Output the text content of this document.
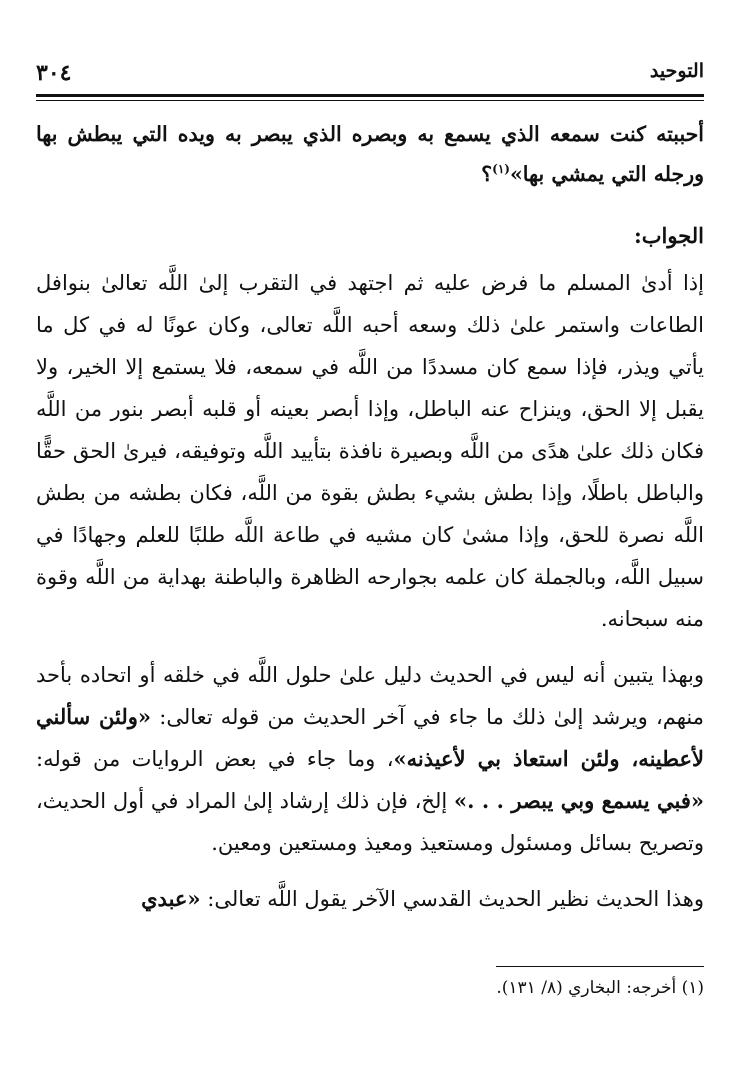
٣٠٤	التوحيد

أحببته كنت سمعه الذي يسمع به وبصره الذي يبصر به ويده التي يبطش بها ورجله التي يمشي بها»$^{(١)}$؟

الجواب:

إذا أدىٰ المسلم ما فرض عليه ثم اجتهد في التقرب إلىٰ اللَّه تعالىٰ بنوافل الطاعات واستمر علىٰ ذلك وسعه أحبه اللَّه تعالى، وكان عونًا له في كل ما يأتي ويذر، فإذا سمع كان مسددًا من اللَّه في سمعه، فلا يستمع إلا الخير، ولا يقبل إلا الحق، وينزاح عنه الباطل، وإذا أبصر بعينه أو قلبه أبصر بنور من اللَّه فكان ذلك علىٰ هدًى من اللَّه وبصيرة نافذة بتأييد اللَّه وتوفيقه، فيرىٰ الحق حقًّا والباطل باطلًا، وإذا بطش بشيء بطش بقوة من اللَّه، فكان بطشه من بطش اللَّه نصرة للحق، وإذا مشىٰ كان مشيه في طاعة اللَّه طلبًا للعلم وجهادًا في سبيل اللَّه، وبالجملة كان علمه بجوارحه الظاهرة والباطنة بهداية من اللَّه وقوة منه سبحانه.

وبهذا يتبين أنه ليس في الحديث دليل علىٰ حلول اللَّه في خلقه أو اتحاده بأحد منهم، ويرشد إلىٰ ذلك ما جاء في آخر الحديث من قوله تعالى: «ولئن سألني لأعطينه، ولئن استعاذ بي لأعيذنه»، وما جاء في بعض الروايات من قوله: «فبي يسمع وبي يبصر . . .» إلخ، فإن ذلك إرشاد إلىٰ المراد في أول الحديث، وتصريح بسائل ومسئول ومستعيذ ومعيذ ومستعين ومعين.

وهذا الحديث نظير الحديث القدسي الآخر يقول اللَّه تعالى: «عبدي

(١) أخرجه: البخاري (٨/ ١٣١).
